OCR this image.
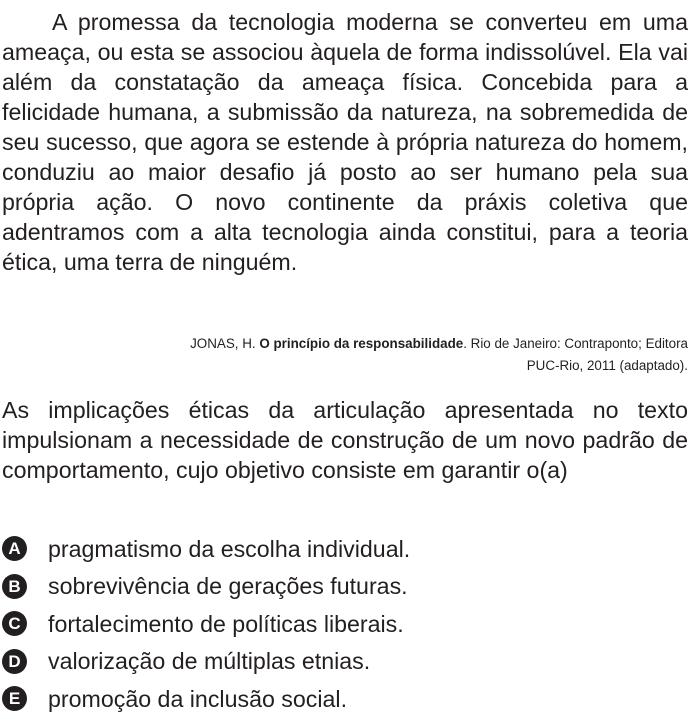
A promessa da tecnologia moderna se converteu em uma ameaça, ou esta se associou àquela de forma indissolúvel. Ela vai além da constatação da ameaça física. Concebida para a felicidade humana, a submissão da natureza, na sobremedida de seu sucesso, que agora se estende à própria natureza do homem, conduziu ao maior desafio já posto ao ser humano pela sua própria ação. O novo continente da práxis coletiva que adentramos com a alta tecnologia ainda constitui, para a teoria ética, uma terra de ninguém.

JONAS, H. O princípio da responsabilidade. Rio de Janeiro: Contraponto; Editora PUC-Rio, 2011 (adaptado).

As implicações éticas da articulação apresentada no texto impulsionam a necessidade de construção de um novo padrão de comportamento, cujo objetivo consiste em garantir o(a)

A pragmatismo da escolha individual.
B sobrevivência de gerações futuras.
C fortalecimento de políticas liberais.
D valorização de múltiplas etnias.
E promoção da inclusão social.
